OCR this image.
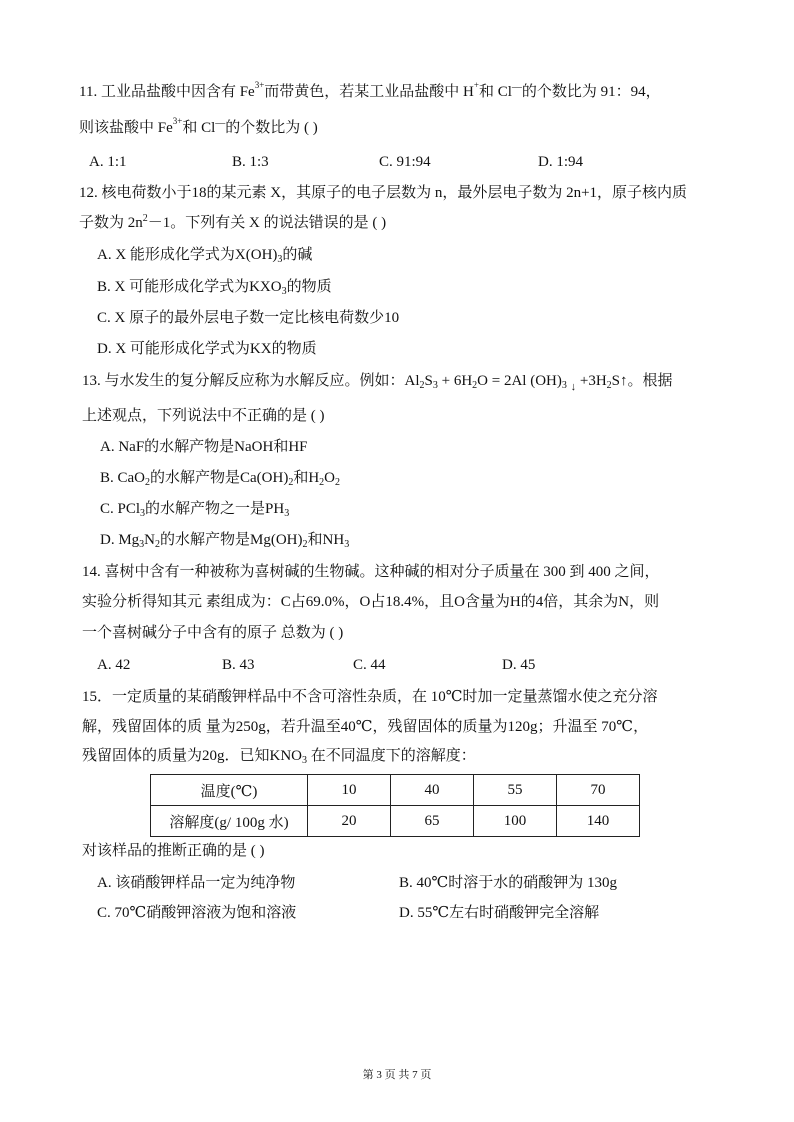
11. 工业品盐酸中因含有 $Fe^{3+}$而带黄色，若某工业品盐酸中 H+和 Cl—的个数比为 91：94，
则该盐酸中 $Fe^{3+}$和 Cl—的个数比为 ( )
A. 1:1	B. 1:3	C. 91:94	D. 1:94
12. 核电荷数小于18的某元素 X，其原子的电子层数为 n，最外层电子数为 2n+1，原子核内质
子数为 $2n^2-1$。下列有关 X 的说法错误的是 ( )
A. X 能形成化学式为$X(OH)_3$的碱
B. X 可能形成化学式为$KXO_3$的物质
C. X 原子的最外层电子数一定比核电荷数少10
D. X 可能形成化学式为KX的物质
13. 与水发生的复分解反应称为水解反应。例如：$Al_2S_3 + 6H_2O = 2Al$ $(OH)_3$ $_↓ +3H_2S↑$。根据
上述观点，下列说法中不正确的是 ( )
A. NaF的水解产物是NaOH和HF
B. CaO$_2$的水解产物是$Ca(OH)_2$和$H_2O_2$
C. PCl$_3$的水解产物之一是$PH_3$
D. $Mg_3N_2$的水解产物是$Mg(OH)_2$和$NH_3$
14. 喜树中含有一种被称为喜树碱的生物碱。这种碱的相对分子质量在 300 到 400 之间，
实验分析得知其元 素组成为：C占69.0%，O占18.4%，且O含量为H的4倍，其余为N，则
一个喜树碱分子中含有的原子 总数为 ( )
A. 42	B. 43	C. 44	D. 45
15．一定质量的某硝酸钾样品中不含可溶性杂质，在 10℃时加一定量蒸馏水使之充分溶
解，残留固体的质 量为250g，若升温至40℃，残留固体的质量为120g；升温至 70℃，
残留固体的质量为20g．已知$KNO_3$ 在不同温度下的溶解度：
温度(℃)	10	40	55	70
溶解度(g/ 100g 水)	20	65	100	140
对该样品的推断正确的是 ( )
A. 该硝酸钾样品一定为纯净物	B. 40℃时溶于水的硝酸钾为 130g
C. 70℃硝酸钾溶液为饱和溶液	D. 55℃左右时硝酸钾完全溶解
第 3 页 共 7 页
